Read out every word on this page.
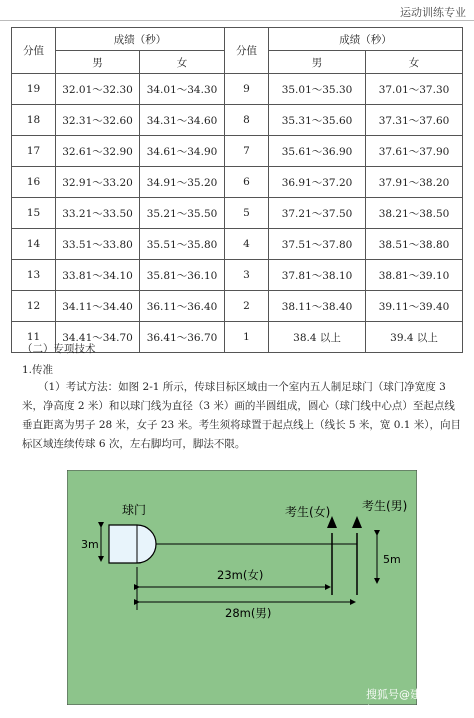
运动训练专业
分值	成绩（秒）		分值	成绩（秒）	
	男	女		男	女
19	32.01～32.30	34.01～34.30	9	35.01～35.30	37.01～37.30
18	32.31～32.60	34.31～34.60	8	35.31～35.60	37.31～37.60
17	32.61～32.90	34.61～34.90	7	35.61～36.90	37.61～37.90
16	32.91～33.20	34.91～35.20	6	36.91～37.20	37.91～38.20
15	33.21～33.50	35.21～35.50	5	37.21～37.50	38.21～38.50
14	33.51～33.80	35.51～35.80	4	37.51～37.80	38.51～38.80
13	33.81～34.10	35.81～36.10	3	37.81～38.10	38.81～39.10
12	34.11～34.40	36.11～36.40	2	38.11～38.40	39.11～39.40
11	34.41～34.70	36.41～36.70	1	38.4 以上	39.4 以上
（二）专项技术
1.传准
（1）考试方法：如图 2-1 所示，传球目标区域由一个室内五人制足球门（球门净宽度 3
米，净高度 2 米）和以球门线为直径（3 米）画的半圆组成，圆心（球门线中心点）至起点线
垂直距离为男子 28 米，女子 23 米。考生须将球置于起点线上（线长 5 米，宽 0.1 米），向目
标区域连续传球 6 次，左右脚均可，脚法不限。
球门
3m
考生(女)	考生(男)
5m
23m(女)
28m(男)
搜狐号@建讲体育地招
